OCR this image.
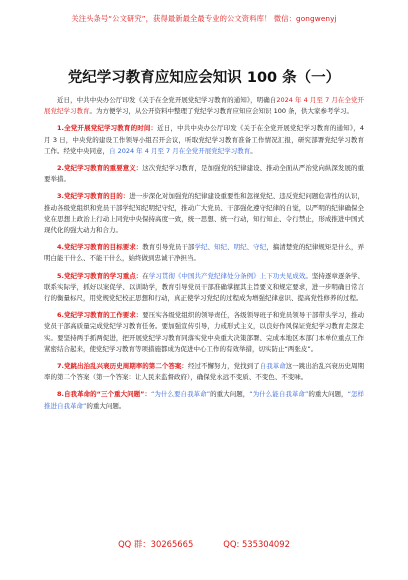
关注头条号“公文研究”，获得最新最全最专业的公文资料库！ 微信：gongwenyj
党纪学习教育应知应会知识 100 条（一）

近日，中共中央办公厅印发《关于在全党开展党纪学习教育的通知》，明确自2024 年 4 月至 7 月在全党开展党纪学习教育。为方便学习，从公开资料中整理了党纪学习教育应知应会知识 100 条，供大家参考学习。

1.全党开展党纪学习教育的时间：近日，中共中央办公厅印发《关于在全党开展党纪学习教育的通知》，4 月 3 日，中央党的建设工作领导小组召开会议，听取党纪学习教育准备工作情况汇报，研究部署党纪学习教育工作。经党中央同意，自 2024 年 4 月至 7 月在全党开展党纪学习教育。

2.党纪学习教育的重要意义：这次党纪学习教育，是加强党的纪律建设、推动全面从严治党向纵深发展的重要举措。

3.党纪学习教育的目的：进一步深化对加强党的纪律建设重要性和忽视党纪、违反党纪问题危害性的认识，推动各级党组织和党员干部学纪知纪明纪守纪，推动广大党员、干部强化遵守纪律的自觉，以严明的纪律确保全党在思想上政治上行动上同党中央保持高度一致，统一思想、统一行动，知行知止、令行禁止，形成推进中国式现代化的强大动力和合力。

4.党纪学习教育的目标要求：教育引导党员干部学纪、知纪、明纪、守纪，搞清楚党的纪律规矩是什么，弄明白能干什么、不能干什么，始终做到忠诚干净担当。

5.党纪学习教育的学习重点：在学习贯彻《中国共产党纪律处分条例》上下功夫见成效。坚持逐章逐条学、联系实际学，抓好以案促学、以训助学，教育引导党员干部准确掌握其主旨要义和规定要求，进一步明确日常言行的衡量标尺，用党规党纪校正思想和行动，真正使学习党纪的过程成为增强纪律意识、提高党性修养的过程。

6.党纪学习教育的工作要求：要压实各级党组织的领导责任，各级领导班子和党员领导干部带头学习，推动党员干部高质量完成党纪学习教育任务。要加强宣传引导，力戒形式主义，以良好作风保证党纪学习教育走深走实。要坚持两手抓两促进，把开展党纪学习教育同落实党中央重大决策部署、完成本地区本部门本单位重点工作紧密结合起来，使党纪学习教育等项措施都成为促进中心工作的有效举措，切实防止“两张皮”。

7.党跳出治乱兴衰历史周期率的第二个答案：经过不懈努力，党找到了自我革命这一跳出治乱兴衰历史周期率的第二个答案（第一个答案：让人民来监督政府），确保党永远不变质、不变色、不变味。

8.自我革命的“三个重大问题”：“为什么要自我革命”的重大问题，“为什么能自我革命”的重大问题，“怎样推进自我革命”的重大问题。

QQ 群：30265665	QQ: 535304092
